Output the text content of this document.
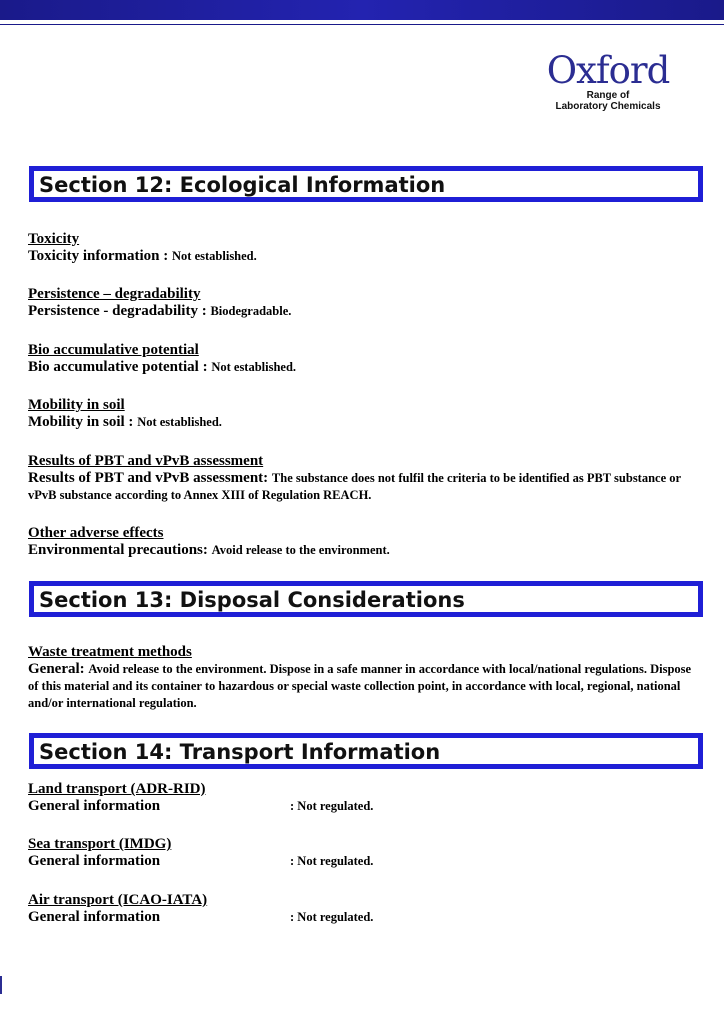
Oxford
Range of
Laboratory Chemicals
Section 12: Ecological Information
Toxicity
Toxicity information : Not established.
Persistence – degradability
Persistence - degradability : Biodegradable.
Bio accumulative potential
Bio accumulative potential : Not established.
Mobility in soil
Mobility in soil : Not established.
Results of PBT and vPvB assessment
Results of PBT and vPvB assessment: The substance does not fulfil the criteria to be identified as PBT substance or vPvB substance according to Annex XIII of Regulation REACH.
Other adverse effects
Environmental precautions: Avoid release to the environment.
Section 13: Disposal Considerations
Waste treatment methods
General: Avoid release to the environment. Dispose in a safe manner in accordance with local/national regulations. Dispose of this material and its container to hazardous or special waste collection point, in accordance with local, regional, national and/or international regulation.
Section 14: Transport Information
Land transport (ADR-RID)
General information	: Not regulated.
Sea transport (IMDG)
General information	: Not regulated.
Air transport (ICAO-IATA)
General information	: Not regulated.
